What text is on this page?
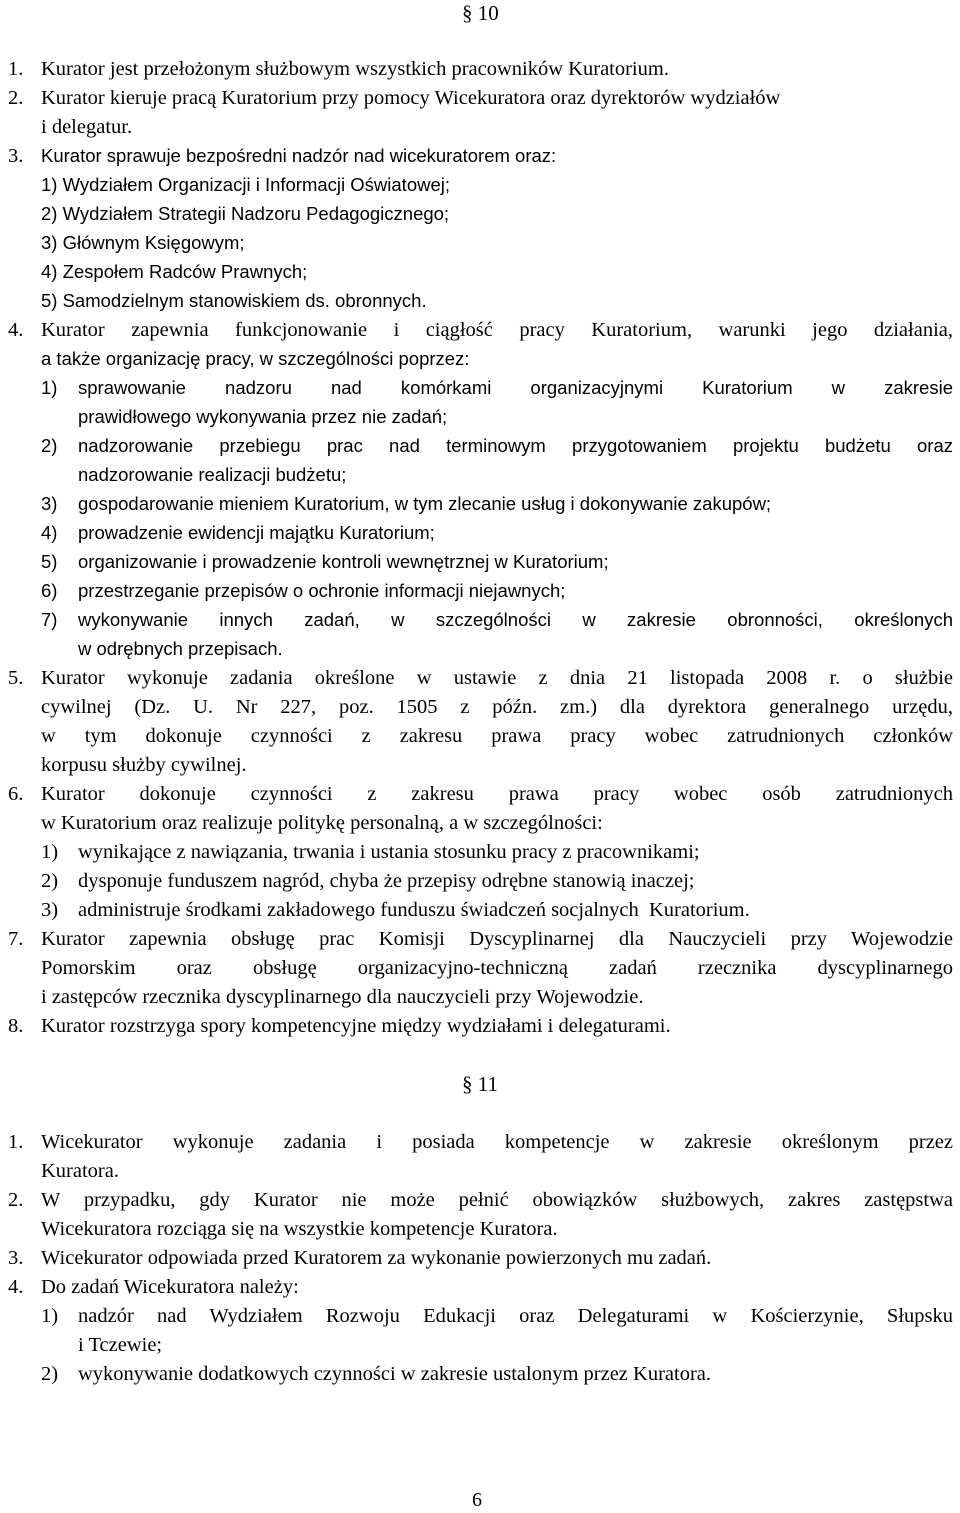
§ 10
1. Kurator jest przełożonym służbowym wszystkich pracowników Kuratorium.
2. Kurator kieruje pracą Kuratorium przy pomocy Wicekuratora oraz dyrektorów wydziałów
i delegatur.
3. Kurator sprawuje bezpośredni nadzór nad wicekuratorem oraz:
1) Wydziałem Organizacji i Informacji Oświatowej;
2) Wydziałem Strategii Nadzoru Pedagogicznego;
3) Głównym Księgowym;
4) Zespołem Radców Prawnych;
5) Samodzielnym stanowiskiem ds. obronnych.
4. Kurator zapewnia funkcjonowanie i ciągłość pracy Kuratorium, warunki jego działania,
a także organizację pracy, w szczególności poprzez:
1) sprawowanie nadzoru nad komórkami organizacyjnymi Kuratorium w zakresie
prawidłowego wykonywania przez nie zadań;
2) nadzorowanie przebiegu prac nad terminowym przygotowaniem projektu budżetu oraz
nadzorowanie realizacji budżetu;
3) gospodarowanie mieniem Kuratorium, w tym zlecanie usług i dokonywanie zakupów;
4) prowadzenie ewidencji majątku Kuratorium;
5) organizowanie i prowadzenie kontroli wewnętrznej w Kuratorium;
6) przestrzeganie przepisów o ochronie informacji niejawnych;
7) wykonywanie innych zadań, w szczególności w zakresie obronności, określonych
w odrębnych przepisach.
5. Kurator wykonuje zadania określone w ustawie z dnia 21 listopada 2008 r. o służbie
cywilnej (Dz. U. Nr 227, poz. 1505 z późn. zm.) dla dyrektora generalnego urzędu,
w tym dokonuje czynności z zakresu prawa pracy wobec zatrudnionych członków
korpusu służby cywilnej.
6. Kurator dokonuje czynności z zakresu prawa pracy wobec osób zatrudnionych
w Kuratorium oraz realizuje politykę personalną, a w szczególności:
1) wynikające z nawiązania, trwania i ustania stosunku pracy z pracownikami;
2) dysponuje funduszem nagród, chyba że przepisy odrębne stanowią inaczej;
3) administruje środkami zakładowego funduszu świadczeń socjalnych  Kuratorium.
7. Kurator zapewnia obsługę prac Komisji Dyscyplinarnej dla Nauczycieli przy Wojewodzie
Pomorskim oraz obsługę organizacyjno-techniczną zadań rzecznika dyscyplinarnego
i zastępców rzecznika dyscyplinarnego dla nauczycieli przy Wojewodzie.
8. Kurator rozstrzyga spory kompetencyjne między wydziałami i delegaturami.
§ 11
1. Wicekurator wykonuje zadania i posiada kompetencje w zakresie określonym przez
Kuratora.
2. W przypadku, gdy Kurator nie może pełnić obowiązków służbowych, zakres zastępstwa
Wicekuratora rozciąga się na wszystkie kompetencje Kuratora.
3. Wicekurator odpowiada przed Kuratorem za wykonanie powierzonych mu zadań.
4. Do zadań Wicekuratora należy:
1) nadzór nad Wydziałem Rozwoju Edukacji oraz Delegaturami w Kościerzynie, Słupsku
i Tczewie;
2) wykonywanie dodatkowych czynności w zakresie ustalonym przez Kuratora.
6
